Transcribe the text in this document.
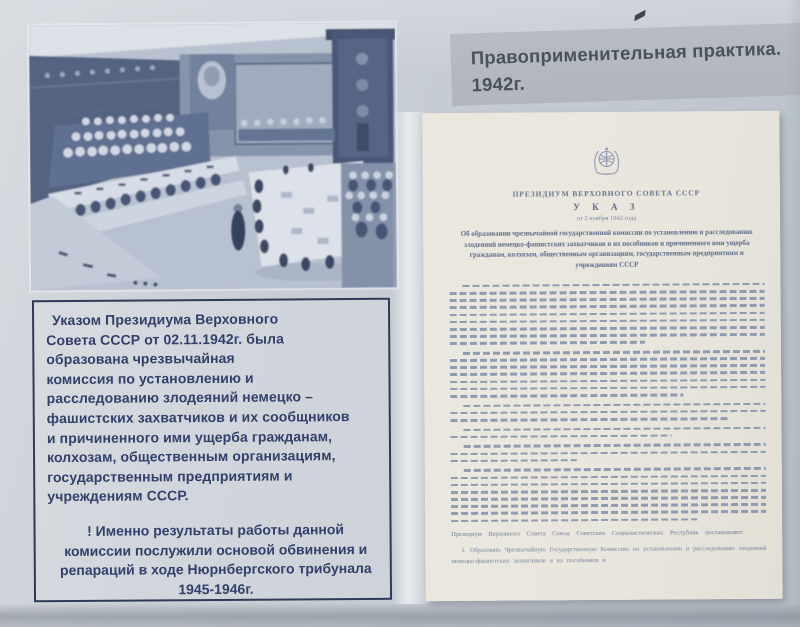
Указом Президиума Верховного
Совета СССР от 02.11.1942г. была
образована чрезвычайная
комиссия по установлению и
расследованию злодеяний немецко –
фашистских захватчиков и их сообщников
и причиненного ими ущерба гражданам,
колхозам, общественным организациям,
государственным предприятиям и
учреждениям СССР.
! Именно результаты работы данной
комиссии послужили основой обвинения и
репараций в ходе Нюрнбергского трибунала
1945-1946г.
Правоприменительная практика.
1942г.
ПРЕЗИДИУМ ВЕРХОВНОГО СОВЕТА СССР
У К А З
от 2 ноября 1942 года
Об образовании чрезвычайной государственной комиссии по установлению и расследованию злодеяний немецко-фашистских захватчиков и их пособников и причиненного ими ущерба гражданам, колхозам, общественным организациям, государственным предприятиям и учреждениям СССР
Президиум Верховного Совета Союза Советских Социалистических Республик постановляет:
1. Образовать Чрезвычайную Государственную Комиссию по установлению и расследованию злодеяний немецко-фашистских захватчиков и их пособников и
